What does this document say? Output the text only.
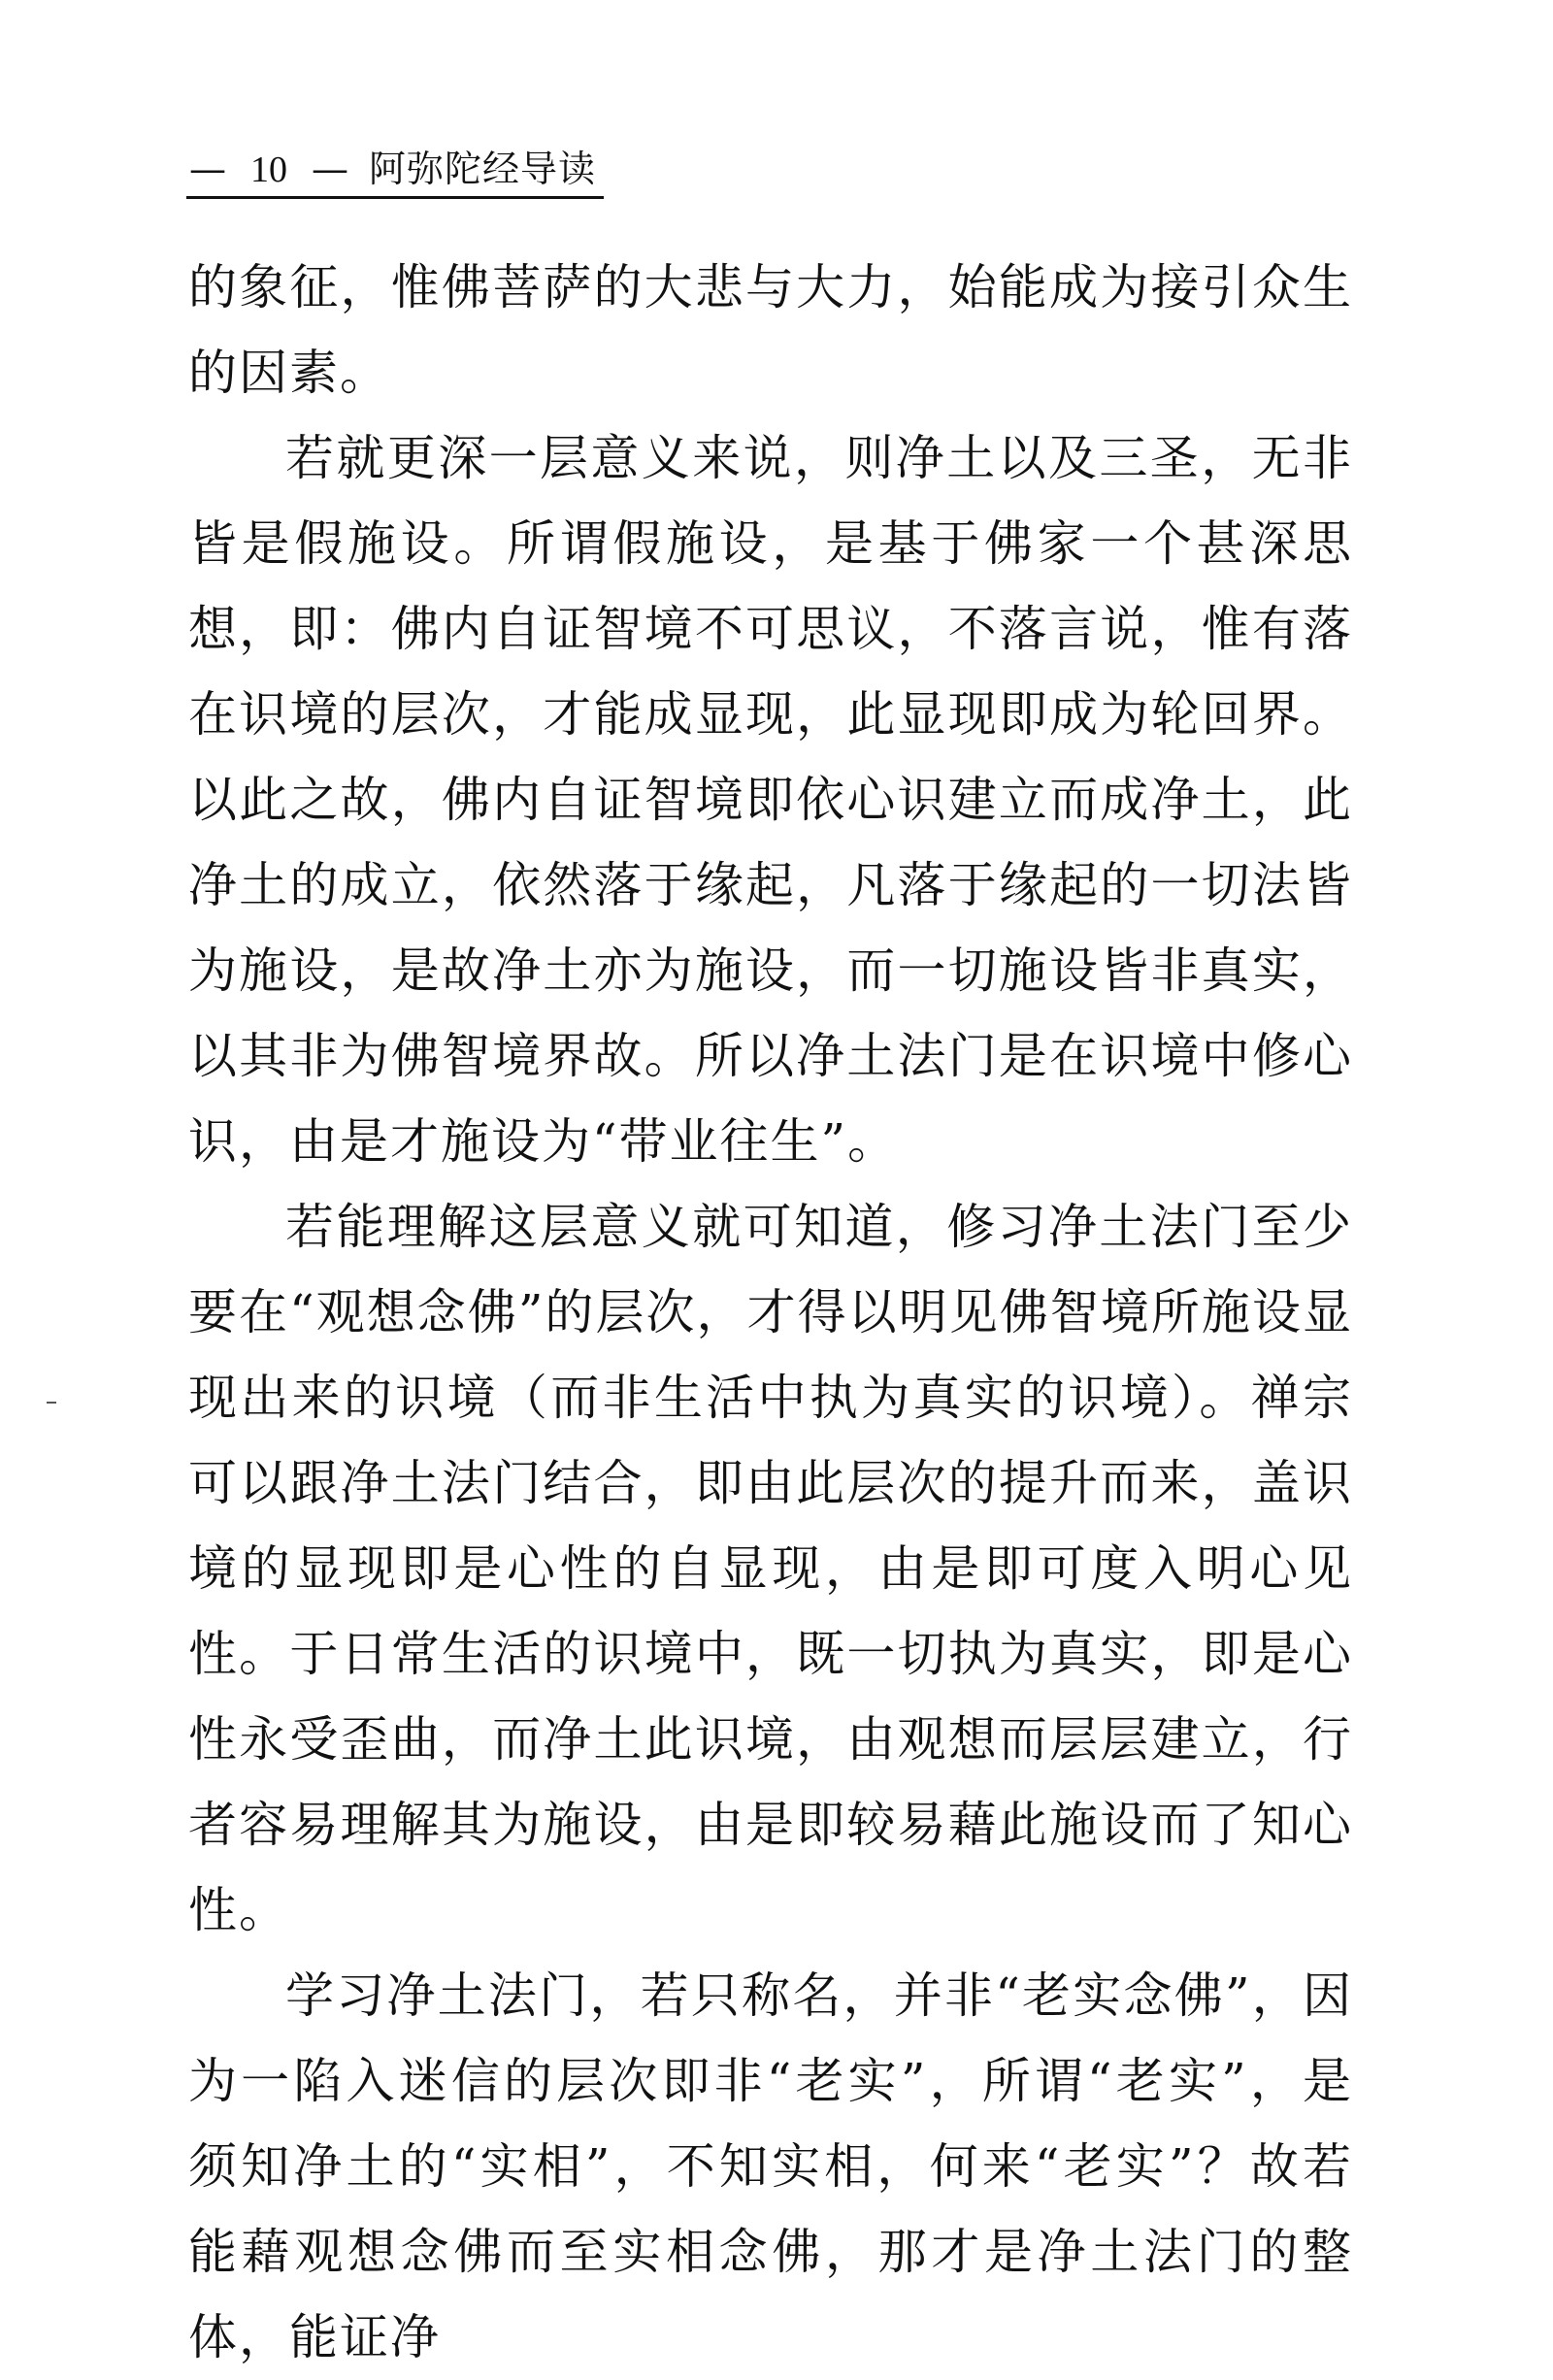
— 10 — 阿弥陀经导读

的象征，惟佛菩萨的大悲与大力，始能成为接引众生的因素。

若就更深一层意义来说，则净土以及三圣，无非皆是假施设。所谓假施设，是基于佛家一个甚深思想，即：佛内自证智境不可思议，不落言说，惟有落在识境的层次，才能成显现，此显现即成为轮回界。以此之故，佛内自证智境即依心识建立而成净土，此净土的成立，依然落于缘起，凡落于缘起的一切法皆为施设，是故净土亦为施设，而一切施设皆非真实，以其非为佛智境界故。所以净土法门是在识境中修心识，由是才施设为“带业往生”。

若能理解这层意义就可知道，修习净土法门至少要在“观想念佛”的层次，才得以明见佛智境所施设显现出来的识境（而非生活中执为真实的识境）。禅宗可以跟净土法门结合，即由此层次的提升而来，盖识境的显现即是心性的自显现，由是即可度入明心见性。于日常生活的识境中，既一切执为真实，即是心性永受歪曲，而净土此识境，由观想而层层建立，行者容易理解其为施设，由是即较易藉此施设而了知心性。

学习净土法门，若只称名，并非“老实念佛”，因为一陷入迷信的层次即非“老实”，所谓“老实”，是须知净土的“实相”，不知实相，何来“老实”？故若能藉观想念佛而至实相念佛，那才是净土法门的整体，能证净
